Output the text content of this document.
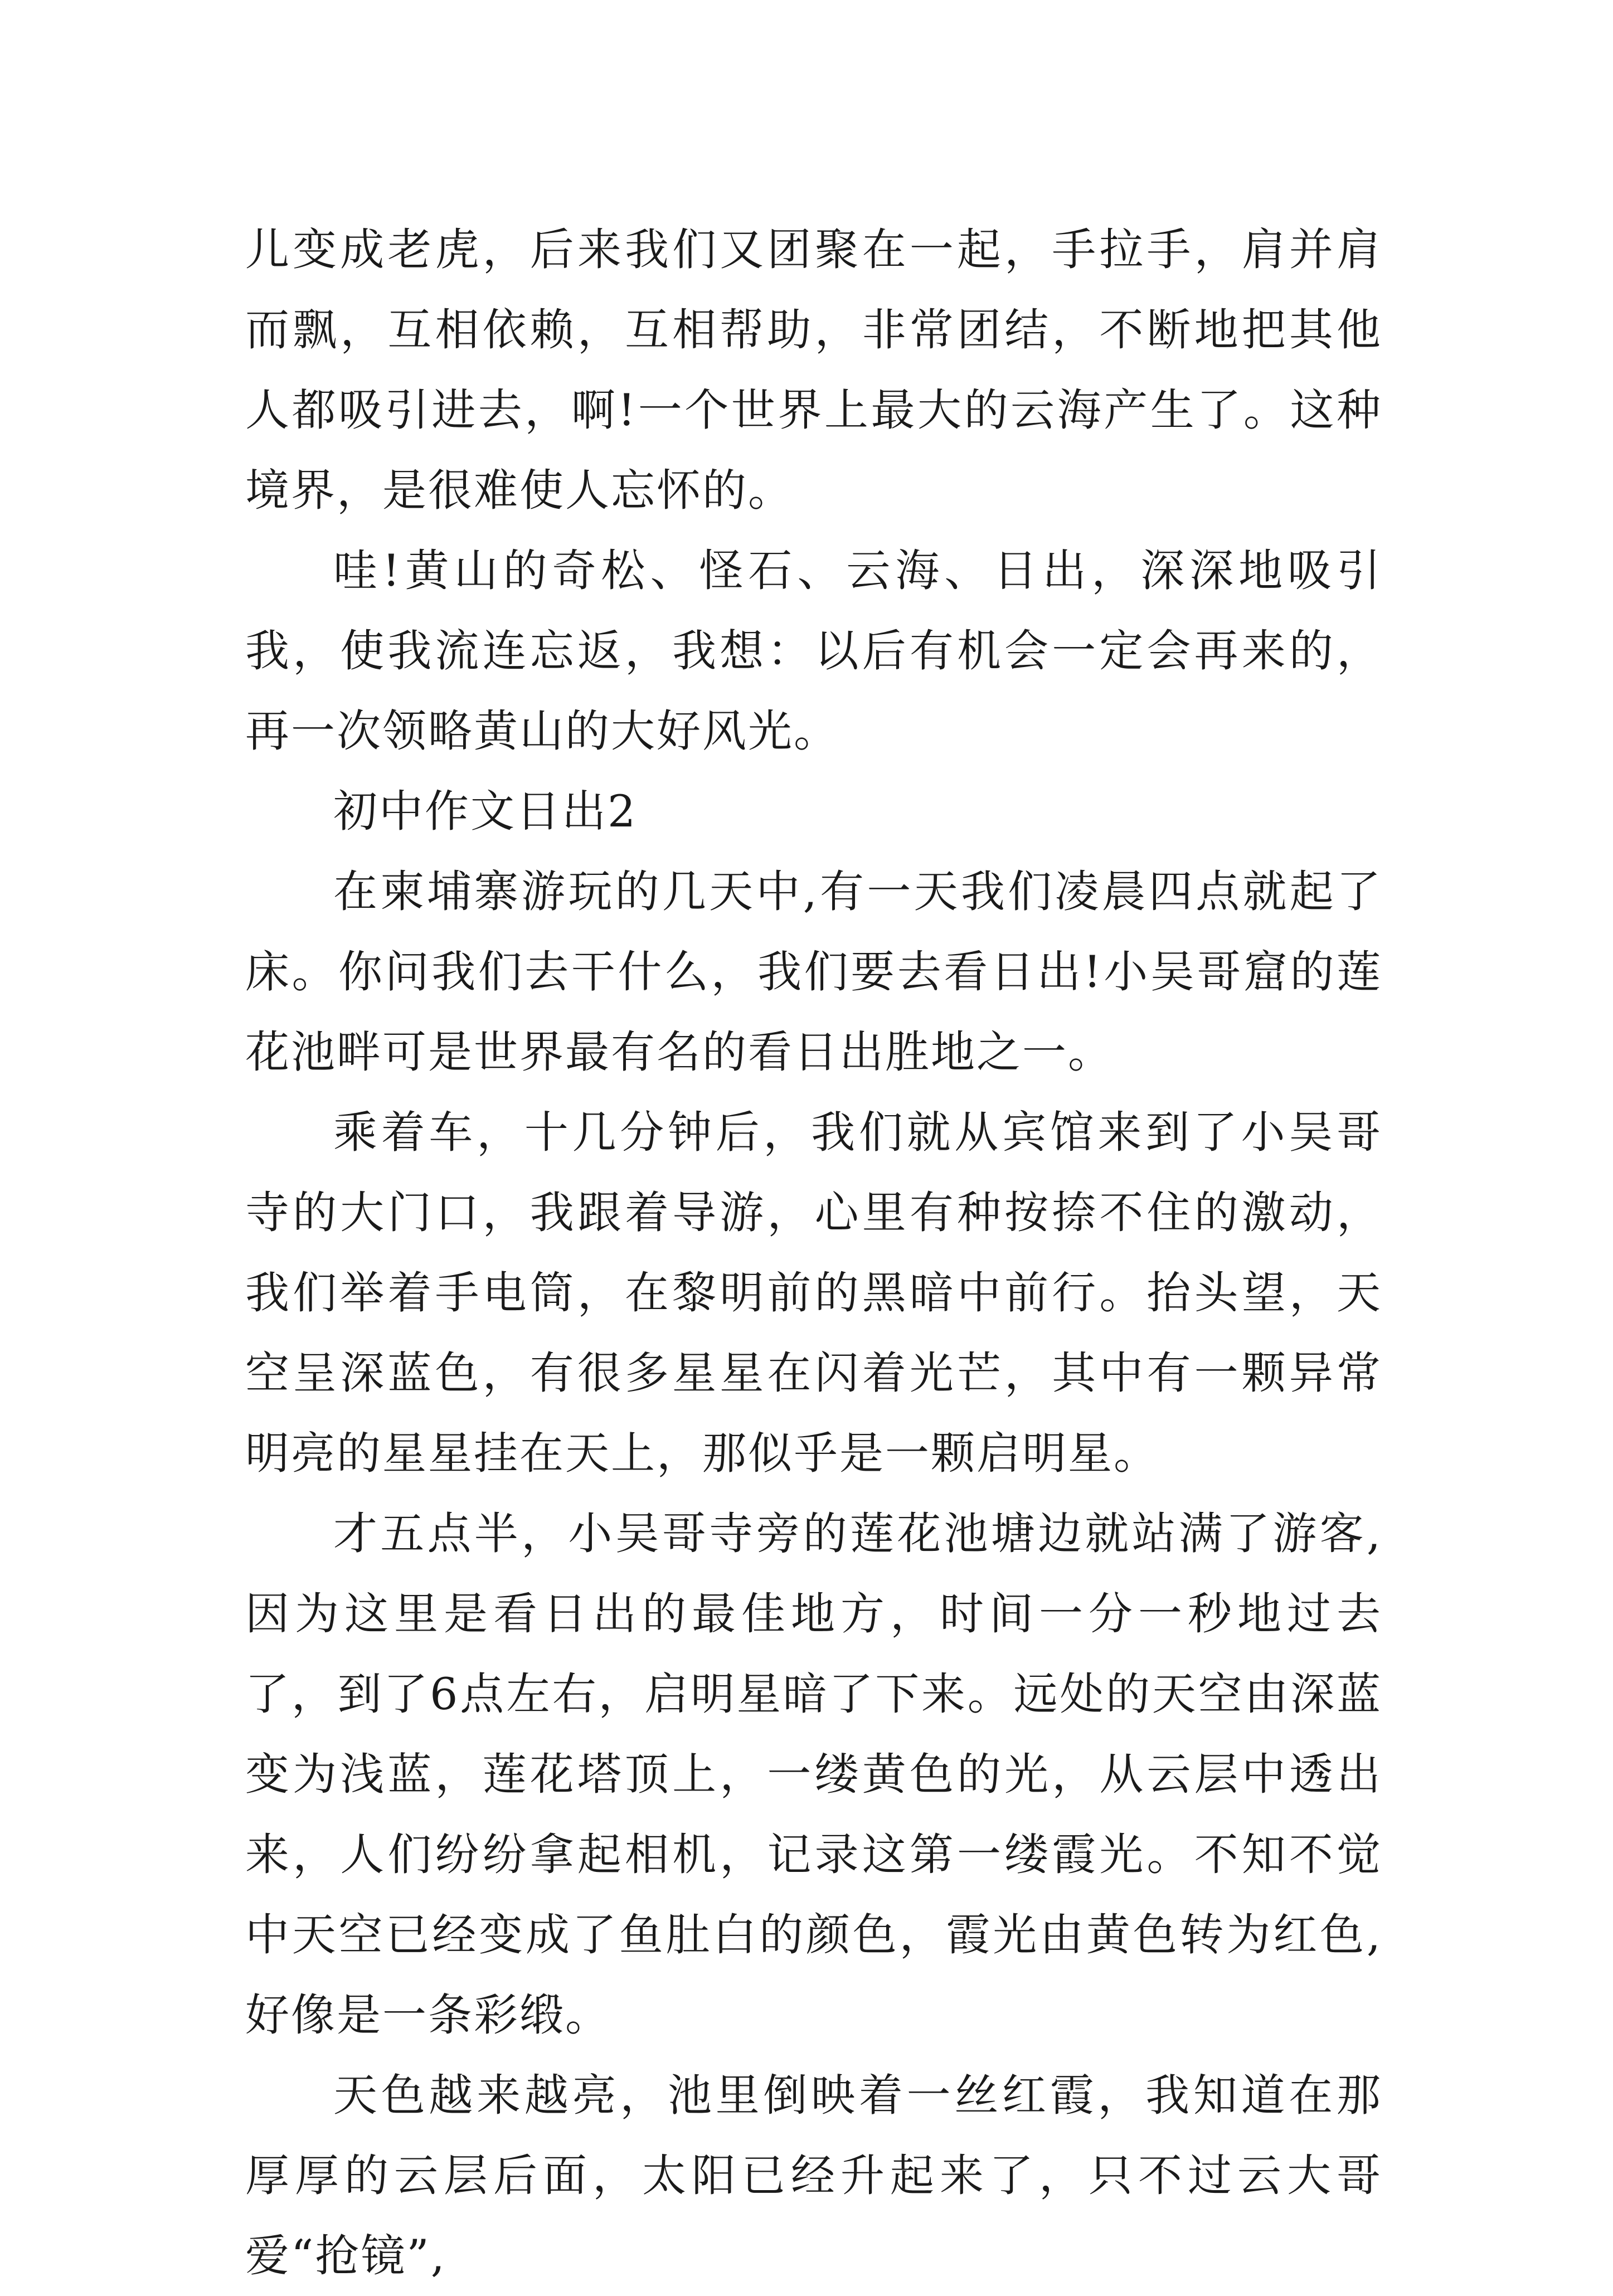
儿变成老虎，后来我们又团聚在一起，手拉手，肩并肩而飘，互相依赖，互相帮助，非常团结，不断地把其他人都吸引进去，啊!一个世界上最大的云海产生了。这种境界，是很难使人忘怀的。

哇!黄山的奇松、怪石、云海、日出，深深地吸引我，使我流连忘返，我想：以后有机会一定会再来的，再一次领略黄山的大好风光。

初中作文日出2

在柬埔寨游玩的几天中,有一天我们凌晨四点就起了床。你问我们去干什么，我们要去看日出!小吴哥窟的莲花池畔可是世界最有名的看日出胜地之一。

乘着车，十几分钟后，我们就从宾馆来到了小吴哥寺的大门口，我跟着导游，心里有种按捺不住的激动，我们举着手电筒，在黎明前的黑暗中前行。抬头望，天空呈深蓝色，有很多星星在闪着光芒，其中有一颗异常明亮的星星挂在天上，那似乎是一颗启明星。

才五点半，小吴哥寺旁的莲花池塘边就站满了游客,因为这里是看日出的最佳地方，时间一分一秒地过去了，到了6点左右，启明星暗了下来。远处的天空由深蓝变为浅蓝，莲花塔顶上，一缕黄色的光，从云层中透出来，人们纷纷拿起相机，记录这第一缕霞光。不知不觉中天空已经变成了鱼肚白的颜色，霞光由黄色转为红色,好像是一条彩缎。

天色越来越亮，池里倒映着一丝红霞，我知道在那厚厚的云层后面，太阳已经升起来了，只不过云大哥爱“抢镜”,
